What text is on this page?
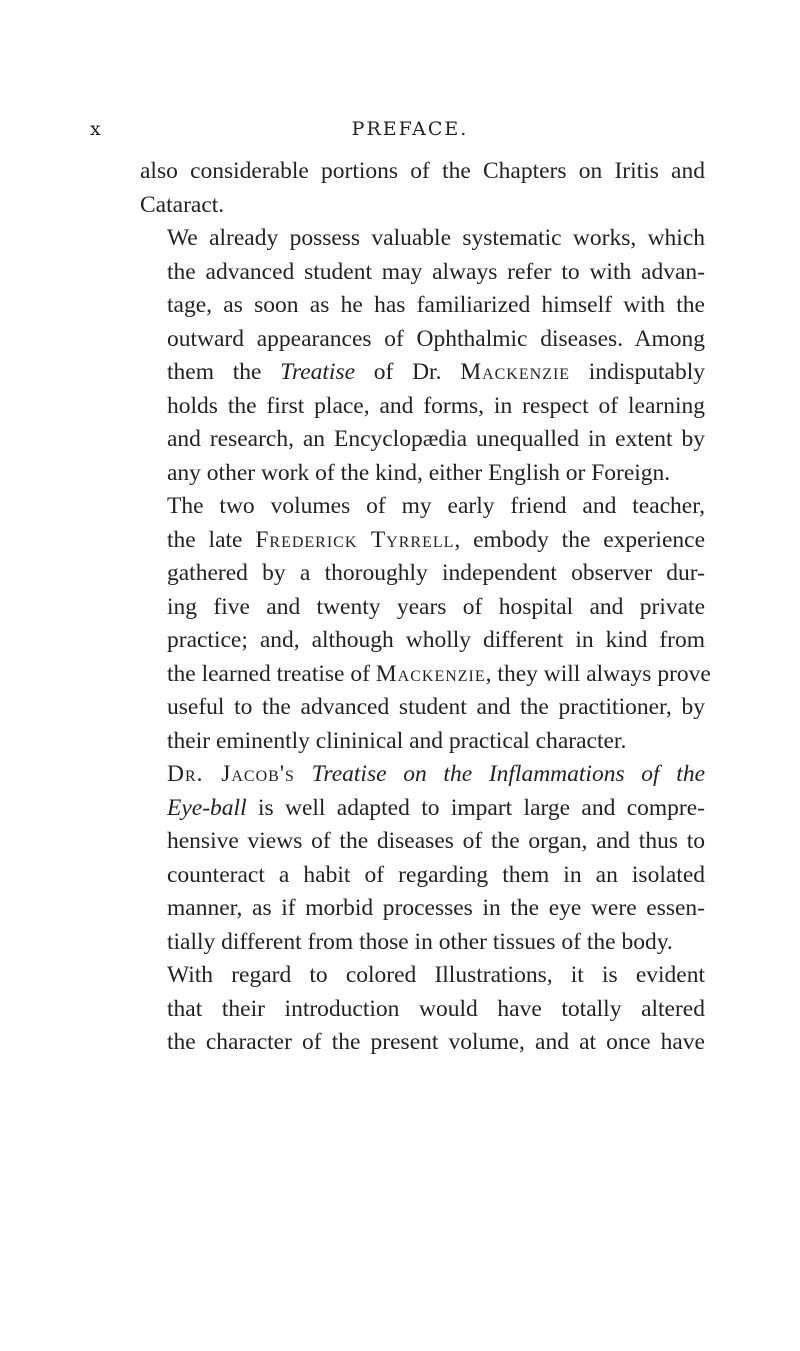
x	PREFACE.

also considerable portions of the Chapters on Iritis and
Cataract.

We already possess valuable systematic works, which
the advanced student may always refer to with advan-
tage, as soon as he has familiarized himself with the
outward appearances of Ophthalmic diseases. Among
them the Treatise of Dr. Mackenzie indisputably
holds the first place, and forms, in respect of learning
and research, an Encyclopædia unequalled in extent by
any other work of the kind, either English or Foreign.

The two volumes of my early friend and teacher,
the late Frederick Tyrrell, embody the experience
gathered by a thoroughly independent observer dur-
ing five and twenty years of hospital and private
practice; and, although wholly different in kind from
the learned treatise of Mackenzie, they will always prove
useful to the advanced student and the practitioner, by
their eminently clininical and practical character.

Dr. Jacob's Treatise on the Inflammations of the
Eye-ball is well adapted to impart large and compre-
hensive views of the diseases of the organ, and thus to
counteract a habit of regarding them in an isolated
manner, as if morbid processes in the eye were essen-
tially different from those in other tissues of the body.

With regard to colored Illustrations, it is evident
that their introduction would have totally altered
the character of the present volume, and at once have
